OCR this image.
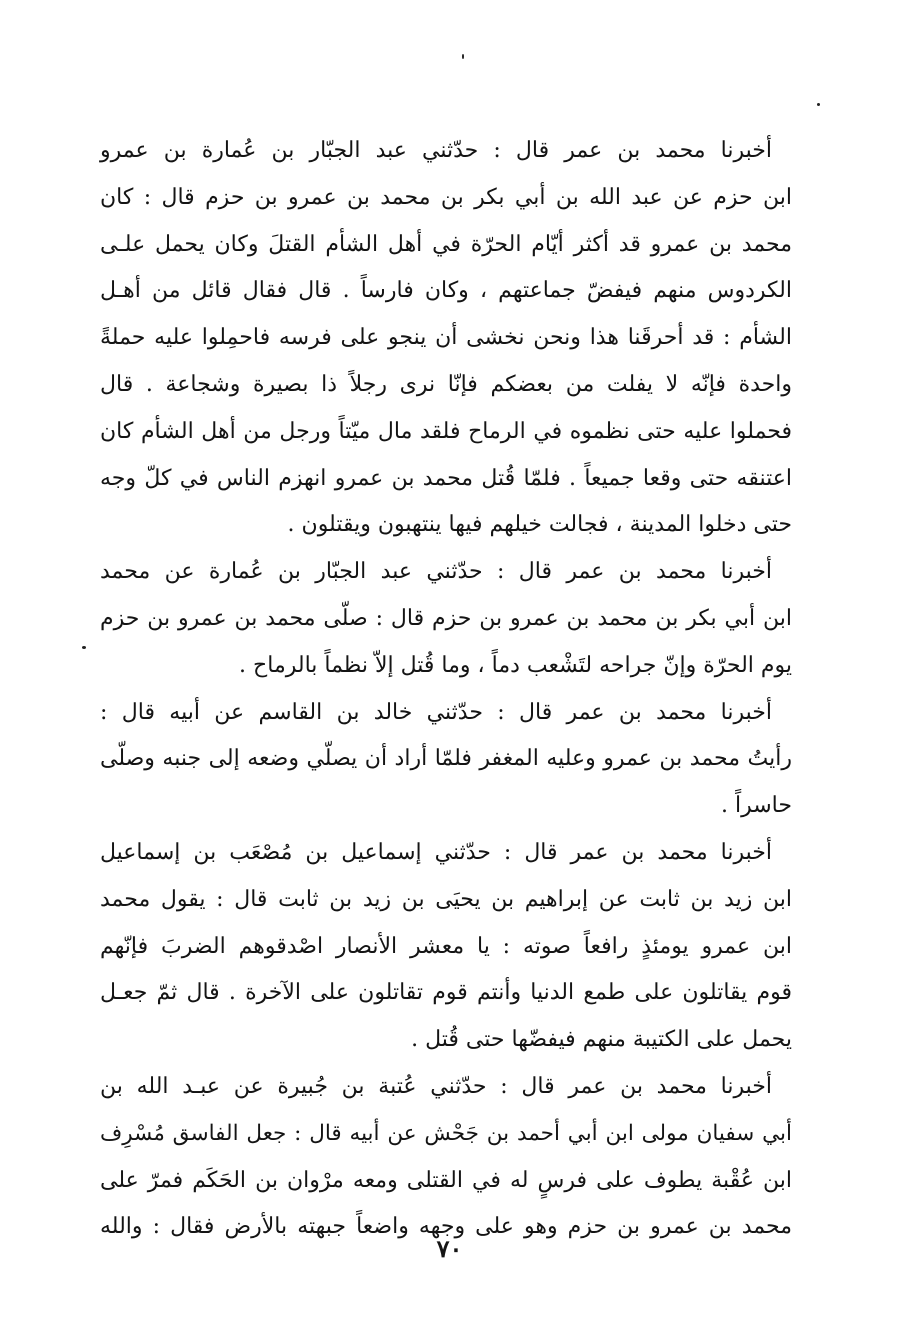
أخبرنا محمد بن عمر قال : حدّثني عبد الجبّار بن عُمارة بن عمرو
ابن حزم عن عبد الله بن أبي بكر بن محمد بن عمرو بن حزم قال : كان
محمد بن عمرو قد أكثر أيّام الحرّة في أهل الشأم القتلَ وكان يحمل علـى
الكردوس منهم فيفضّ جماعتهم ، وكان فارساً . قال فقال قائل من أهـل
الشأم : قد أحرقَنا هذا ونحن نخشى أن ينجو على فرسه فاحمِلوا عليه حملةً
واحدة فإنّه لا يفلت من بعضكم فإنّا نرى رجلاً ذا بصيرة وشجاعة . قال
فحملوا عليه حتى نظموه في الرماح فلقد مال ميّتاً ورجل من أهل الشأم كان
اعتنقه حتى وقعا جميعاً . فلمّا قُتل محمد بن عمرو انهزم الناس في كلّ وجه
حتى دخلوا المدينة ، فجالت خيلهم فيها ينتهبون ويقتلون .
أخبرنا محمد بن عمر قال : حدّثني عبد الجبّار بن عُمارة عن محمد
ابن أبي بكر بن محمد بن عمرو بن حزم قال : صلّى محمد بن عمرو بن حزم
يوم الحرّة وإنّ جراحه لتَشْعب دماً ، وما قُتل إلاّ نظماً بالرماح .
أخبرنا محمد بن عمر قال : حدّثني خالد بن القاسم عن أبيه قال :
رأيتُ محمد بن عمرو وعليه المغفر فلمّا أراد أن يصلّي وضعه إلى جنبه وصلّى
حاسراً .
أخبرنا محمد بن عمر قال : حدّثني إسماعيل بن مُصْعَب بن إسماعيل
ابن زيد بن ثابت عن إبراهيم بن يحيَى بن زيد بن ثابت قال : يقول محمد
ابن عمرو يومئذٍ رافعاً صوته : يا معشر الأنصار اصْدقوهم الضربَ فإنّهم
قوم يقاتلون على طمع الدنيا وأنتم قوم تقاتلون على الآخرة . قال ثمّ جعـل
يحمل على الكتيبة منهم فيفضّها حتى قُتل .
أخبرنا محمد بن عمر قال : حدّثني عُتبة بن جُبيرة عن عبـد الله بن
أبي سفيان مولى ابن أبي أحمد بن جَحْش عن أبيه قال : جعل الفاسق مُسْرِف
ابن عُقْبة يطوف على فرسٍ له في القتلى ومعه مرْوان بن الحَكَم فمرّ على
محمد بن عمرو بن حزم وهو على وجهه واضعاً جبهته بالأرض فقال : والله
٧٠
